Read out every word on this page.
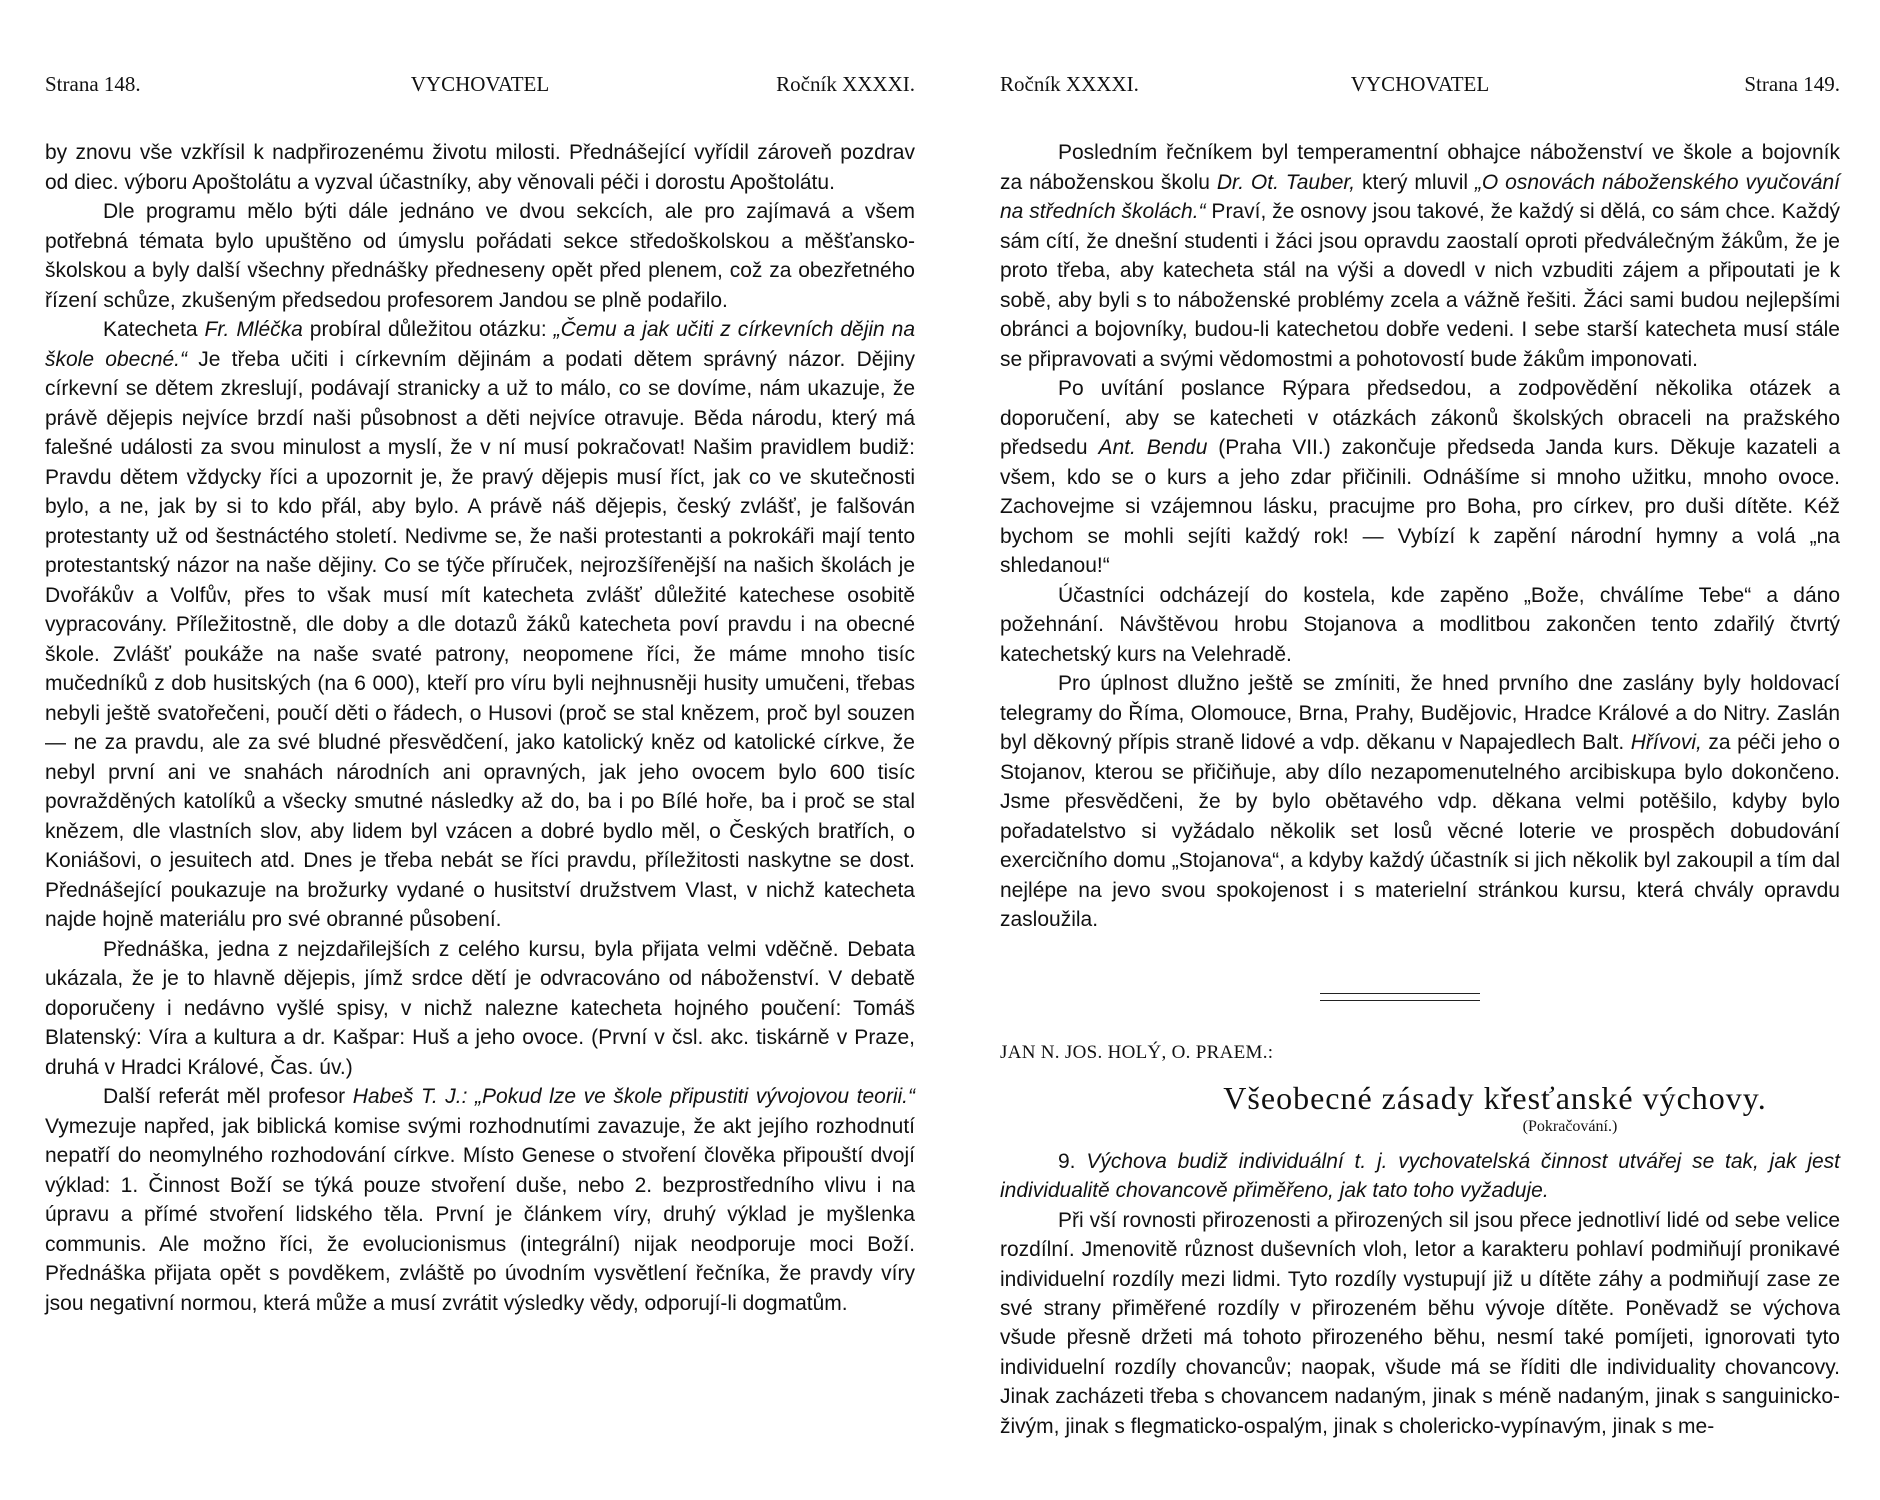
Strana 148.	VYCHOVATEL	Ročník XXXXI.

by znovu vše vzkřísil k nadpřirozenému životu milosti. Přednášející vyřídil zároveň pozdrav od diec. výboru Apoštolátu a vyzval účastníky, aby věnovali péči i dorostu Apoštolátu.

Dle programu mělo býti dále jednáno ve dvou sekcích, ale pro zajímavá a všem potřebná témata bylo upuštěno od úmyslu pořádati sekce středoškolskou a měšťansko-školskou a byly další všechny přednášky předneseny opět před plenem, což za obezřetného řízení schůze, zkušeným předsedou profesorem Jandou se plně podařilo.

Katecheta Fr. Mléčka probíral důležitou otázku: „Čemu a jak učiti z církevních dějin na škole obecné.“ Je třeba učiti i církevním dějinám a podati dětem správný názor. Dějiny církevní se dětem zkreslují, podávají stranicky a už to málo, co se dovíme, nám ukazuje, že právě dějepis nejvíce brzdí naši působnost a děti nejvíce otravuje. Běda národu, který má falešné události za svou minulost a myslí, že v ní musí pokračovat! Našim pravidlem budiž: Pravdu dětem vždycky říci a upozornit je, že pravý dějepis musí říct, jak co ve skutečnosti bylo, a ne, jak by si to kdo přál, aby bylo. A právě náš dějepis, český zvlášť, je falšován protestanty už od šestnáctého století. Nedivme se, že naši protestanti a pokrokáři mají tento protestantský názor na naše dějiny. Co se týče příruček, nejrozšířenější na našich školách je Dvořákův a Volfův, přes to však musí mít katecheta zvlášť důležité katechese osobitě vypracovány. Příležitostně, dle doby a dle dotazů žáků katecheta poví pravdu i na obecné škole. Zvlášť poukáže na naše svaté patrony, neopomene říci, že máme mnoho tisíc mučedníků z dob husitských (na 6 000), kteří pro víru byli nejhnusněji husity umučeni, třebas nebyli ještě svatořečeni, poučí děti o řádech, o Husovi (proč se stal knězem, proč byl souzen — ne za pravdu, ale za své bludné přesvědčení, jako katolický kněz od katolické církve, že nebyl první ani ve snahách národních ani opravných, jak jeho ovocem bylo 600 tisíc povražděných katolíků a všecky smutné následky až do, ba i po Bílé hoře, ba i proč se stal knězem, dle vlastních slov, aby lidem byl vzácen a dobré bydlo měl, o Českých bratřích, o Koniášovi, o jesuitech atd. Dnes je třeba nebát se říci pravdu, příležitosti naskytne se dost. Přednášející poukazuje na brožurky vydané o husitství družstvem Vlast, v nichž katecheta najde hojně materiálu pro své obranné působení.

Přednáška, jedna z nejzdařilejších z celého kursu, byla přijata velmi vděčně. Debata ukázala, že je to hlavně dějepis, jímž srdce dětí je odvracováno od náboženství. V debatě doporučeny i nedávno vyšlé spisy, v nichž nalezne katecheta hojného poučení: Tomáš Blatenský: Víra a kultura a dr. Kašpar: Huš a jeho ovoce. (První v čsl. akc. tiskárně v Praze, druhá v Hradci Králové, Čas. úv.)

Další referát měl profesor Habeš T. J.: „Pokud lze ve škole připustiti vývojovou teorii.“ Vymezuje napřed, jak biblická komise svými rozhodnutími zavazuje, že akt jejího rozhodnutí nepatří do neomylného rozhodování církve. Místo Genese o stvoření člověka připouští dvojí výklad: 1. Činnost Boží se týká pouze stvoření duše, nebo 2. bezprostředního vlivu i na úpravu a přímé stvoření lidského těla. První je článkem víry, druhý výklad je myšlenka communis. Ale možno říci, že evolucionismus (integrální) nijak neodporuje moci Boží. Přednáška přijata opět s povděkem, zvláště po úvodním vysvětlení řečníka, že pravdy víry jsou negativní normou, která může a musí zvrátit výsledky vědy, odporují-li dogmatům.

Ročník XXXXI.	VYCHOVATEL	Strana 149.

Posledním řečníkem byl temperamentní obhajce náboženství ve škole a bojovník za náboženskou školu Dr. Ot. Tauber, který mluvil „O osnovách náboženského vyučování na středních školách.“ Praví, že osnovy jsou takové, že každý si dělá, co sám chce. Každý sám cítí, že dnešní studenti i žáci jsou opravdu zaostalí oproti předválečným žákům, že je proto třeba, aby katecheta stál na výši a dovedl v nich vzbuditi zájem a připoutati je k sobě, aby byli s to náboženské problémy zcela a vážně řešiti. Žáci sami budou nejlepšími obránci a bojovníky, budou-li katechetou dobře vedeni. I sebe starší katecheta musí stále se připravovati a svými vědomostmi a pohotovostí bude žákům imponovati.

Po uvítání poslance Rýpara předsedou, a zodpovědění několika otázek a doporučení, aby se katecheti v otázkách zákonů školských obraceli na pražského předsedu Ant. Bendu (Praha VII.) zakončuje předseda Janda kurs. Děkuje kazateli a všem, kdo se o kurs a jeho zdar přičinili. Odnášíme si mnoho užitku, mnoho ovoce. Zachovejme si vzájemnou lásku, pracujme pro Boha, pro církev, pro duši dítěte. Kéž bychom se mohli sejíti každý rok! — Vybízí k zapění národní hymny a volá „na shledanou!“

Účastníci odcházejí do kostela, kde zapěno „Bože, chválíme Tebe“ a dáno požehnání. Návštěvou hrobu Stojanova a modlitbou zakončen tento zdařilý čtvrtý katechetský kurs na Velehradě.

Pro úplnost dlužno ještě se zmíniti, že hned prvního dne zaslány byly holdovací telegramy do Říma, Olomouce, Brna, Prahy, Budějovic, Hradce Králové a do Nitry. Zaslán byl děkovný přípis straně lidové a vdp. děkanu v Napajedlech Balt. Hřívovi, za péči jeho o Stojanov, kterou se přičiňuje, aby dílo nezapomenutelného arcibiskupa bylo dokončeno. Jsme přesvědčeni, že by bylo obětavého vdp. děkana velmi potěšilo, kdyby bylo pořadatelstvo si vyžádalo několik set losů věcné loterie ve prospěch dobudování exercičního domu „Stojanova“, a kdyby každý účastník si jich několik byl zakoupil a tím dal nejlépe na jevo svou spokojenost i s materielní stránkou kursu, která chvály opravdu zasloužila.

JAN N. JOS. HOLÝ, O. PRAEM.:
Všeobecné zásady křesťanské výchovy.
(Pokračování.)

9. Výchova budiž individuální t. j. vychovatelská činnost utvářej se tak, jak jest individualitě chovancově přiměřeno, jak tato toho vyžaduje.

Při vší rovnosti přirozenosti a přirozených sil jsou přece jednotliví lidé od sebe velice rozdílní. Jmenovitě různost duševních vloh, letor a karakteru pohlaví podmiňují pronikavé individuelní rozdíly mezi lidmi. Tyto rozdíly vystupují již u dítěte záhy a podmiňují zase ze své strany přiměřené rozdíly v přirozeném běhu vývoje dítěte. Poněvadž se výchova všude přesně držeti má tohoto přirozeného běhu, nesmí také pomíjeti, ignorovati tyto individuelní rozdíly chovancův; naopak, všude má se říditi dle individuality chovancovy. Jinak zacházeti třeba s chovancem nadaným, jinak s méně nadaným, jinak s sanguinicko-živým, jinak s flegmaticko-ospalým, jinak s cholericko-vypínavým, jinak s me-
